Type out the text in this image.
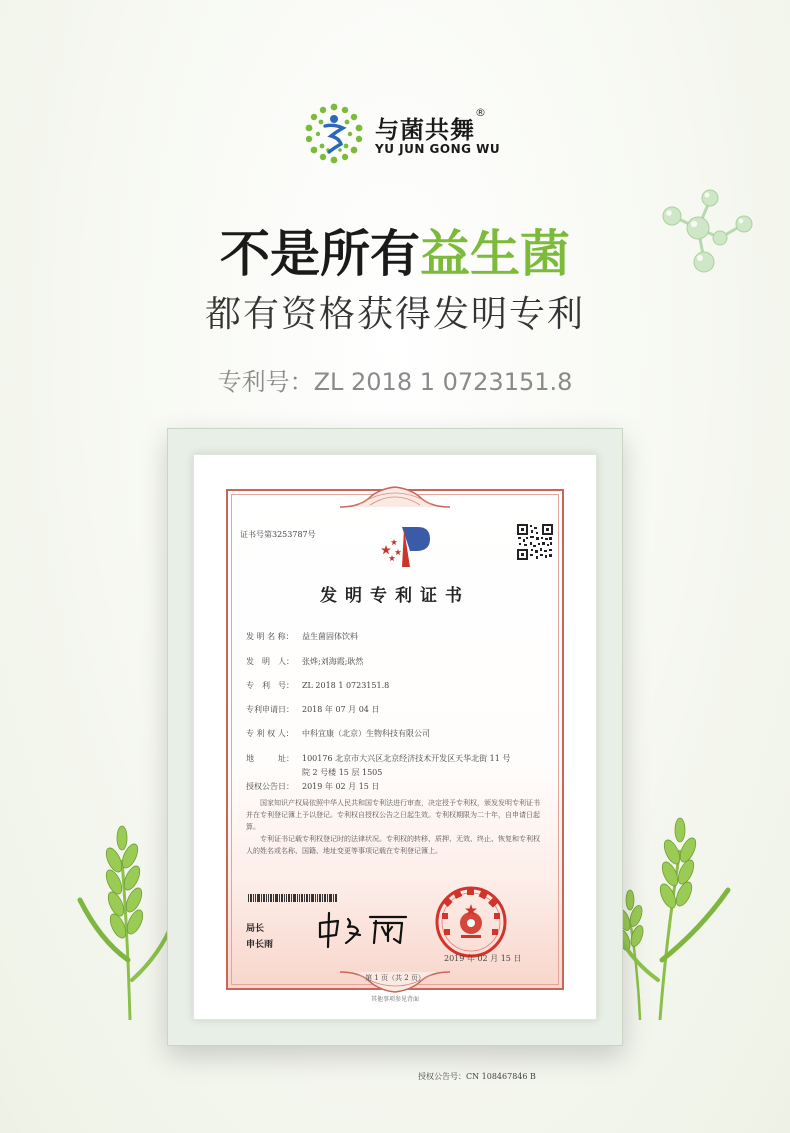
与菌共舞
®
YU JUN GONG WU
不是所有益生菌
都有资格获得发明专利
专利号：ZL 2018 1 0723151.8
证书号第3253787号
发明专利证书
发 明 名 称： 益生菌固体饮料
发　明　人： 张烨;刘海霞;耿然
专　利　号： ZL 2018 1 0723151.8
专利申请日： 2018 年 07 月 04 日
专 利 权 人： 中科宜康（北京）生物科技有限公司
地　　　址： 100176 北京市大兴区北京经济技术开发区天华北街 11 号
院 2 号楼 15 层 1505
授权公告日： 2019 年 02 月 15 日
授权公告号：CN 108467846 B
国家知识产权局依照中华人民共和国专利法进行审查，决定授予专利权，颁发发明专利证书并在专利登记簿上予以登记。专利权自授权公告之日起生效。专利权期限为二十年，自申请日起算。
专利证书记载专利权登记时的法律状况。专利权的转移、质押、无效、终止、恢复和专利权人的姓名或名称、国籍、地址变更等事项记载在专利登记簿上。
局长
申长雨
2019 年 02 月 15 日
第 1 页（共 2 页）
其他事项参见背面
